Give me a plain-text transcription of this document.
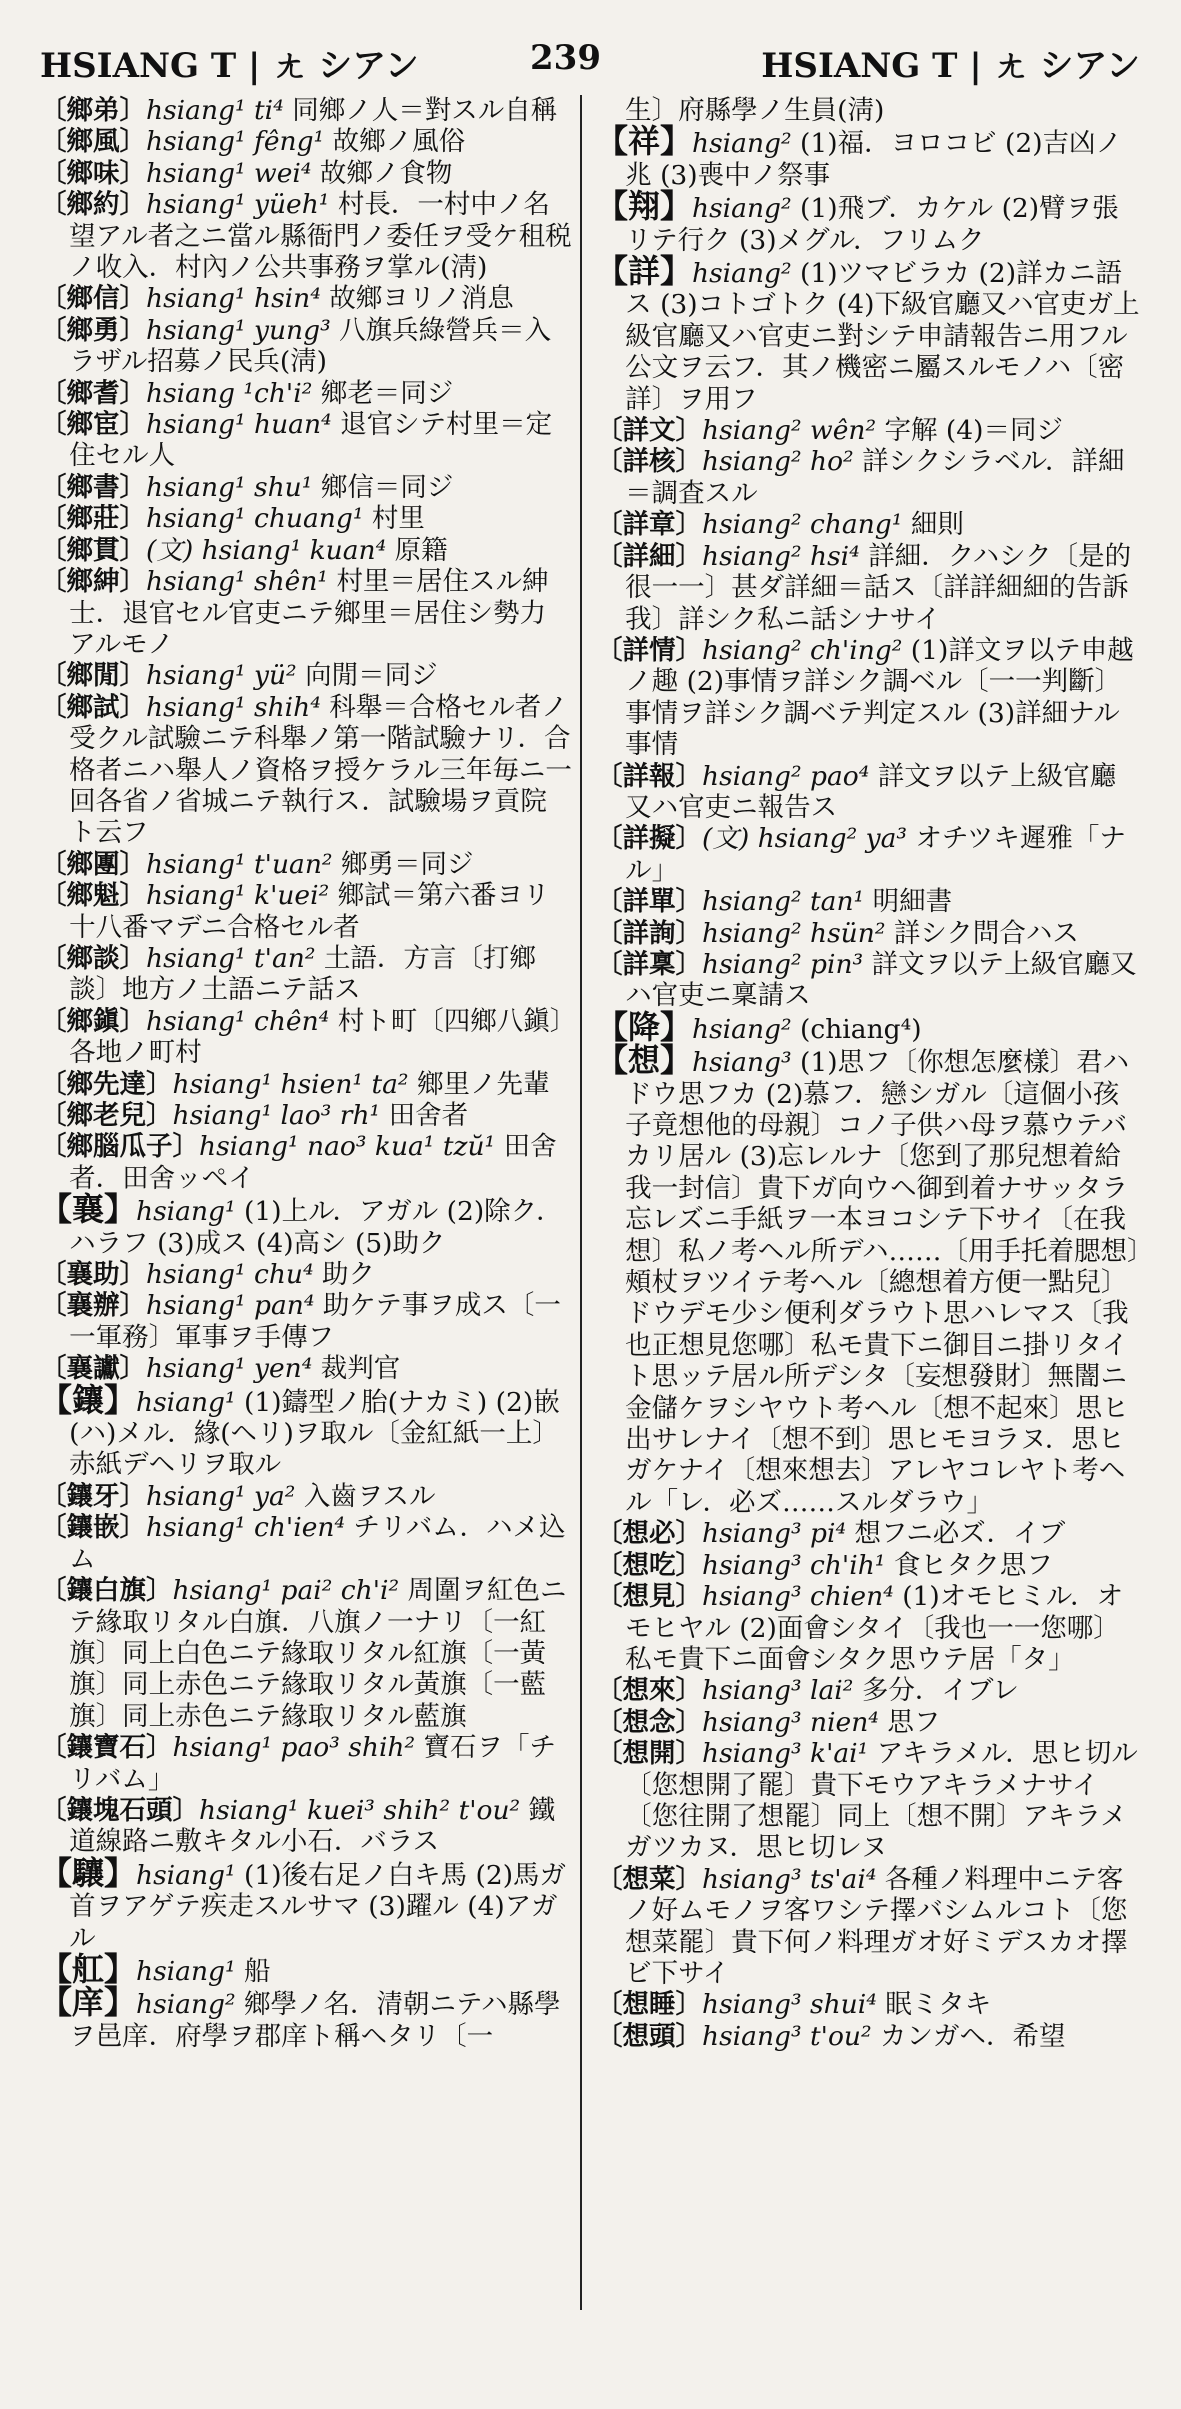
HSIANG T | ㄤ シアン	239	HSIANG T | ㄤ シアン

〔鄉弟〕hsiang¹ ti⁴ 同鄉ノ人＝對スル自稱

〔鄉風〕hsiang¹ fêng¹ 故鄉ノ風俗

〔鄉味〕hsiang¹ wei⁴ 故鄉ノ食物

〔鄉約〕hsiang¹ yüeh¹ 村長．一村中ノ名望アル者之ニ當ル縣衙門ノ委任ヲ受ケ租税ノ收入．村內ノ公共事務ヲ掌ル(淸)

〔鄉信〕hsiang¹ hsin⁴ 故鄉ヨリノ消息

〔鄉勇〕hsiang¹ yung³ 八旗兵綠營兵＝入ラザル招募ノ民兵(淸)

〔鄉耆〕hsiang ¹ch'i² 鄉老＝同ジ

〔鄉宦〕hsiang¹ huan⁴ 退官シテ村里＝定住セル人

〔鄉書〕hsiang¹ shu¹ 鄉信＝同ジ

〔鄉莊〕hsiang¹ chuang¹ 村里

〔鄉貫〕(文) hsiang¹ kuan⁴ 原籍

〔鄉紳〕hsiang¹ shên¹ 村里＝居住スル紳士．退官セル官吏ニテ鄉里＝居住シ勢力アルモノ

〔鄉閒〕hsiang¹ yü² 向閒＝同ジ

〔鄉試〕hsiang¹ shih⁴ 科舉＝合格セル者ノ受クル試驗ニテ科舉ノ第一階試驗ナリ．合格者ニハ舉人ノ資格ヲ授ケラル三年毎ニ一回各省ノ省城ニテ執行ス．試驗場ヲ貢院ト云フ

〔鄉團〕hsiang¹ t'uan² 鄉勇＝同ジ

〔鄉魁〕hsiang¹ k'uei² 鄉試＝第六番ヨリ十八番マデニ合格セル者

〔鄉談〕hsiang¹ t'an² 土語．方言〔打鄉談〕地方ノ土語ニテ話ス

〔鄉鎭〕hsiang¹ chên⁴ 村ト町〔四鄉八鎭〕各地ノ町村

〔鄉先達〕hsiang¹ hsien¹ ta² 鄉里ノ先輩

〔鄉老兒〕hsiang¹ lao³ rh¹ 田舍者

〔鄉腦瓜子〕hsiang¹ nao³ kua¹ tzŭ¹ 田舍者．田舍ッペイ

【襄】hsiang¹ (1)上ル．アガル (2)除ク．ハラフ (3)成ス (4)高シ (5)助ク

〔襄助〕hsiang¹ chu⁴ 助ク

〔襄辦〕hsiang¹ pan⁴ 助ケテ事ヲ成ス〔一一軍務〕軍事ヲ手傳フ

〔襄讞〕hsiang¹ yen⁴ 裁判官

【鑲】hsiang¹ (1)鑄型ノ胎(ナカミ) (2)嵌(ハ)メル．緣(ヘリ)ヲ取ル〔金紅紙一上〕赤紙デヘリヲ取ル

〔鑲牙〕hsiang¹ ya² 入齒ヲスル

〔鑲嵌〕hsiang¹ ch'ien⁴ チリバム．ハメ込ム

〔鑲白旗〕hsiang¹ pai² ch'i² 周圍ヲ紅色ニテ緣取リタル白旗．八旗ノ一ナリ〔一紅旗〕同上白色ニテ緣取リタル紅旗〔一黃旗〕同上赤色ニテ緣取リタル黃旗〔一藍旗〕同上赤色ニテ緣取リタル藍旗

〔鑲寶石〕hsiang¹ pao³ shih² 寶石ヲ「チリバム」

〔鑲塊石頭〕hsiang¹ kuei³ shih² t'ou² 鐵道線路ニ敷キタル小石．バラス

【驤】hsiang¹ (1)後右足ノ白キ馬 (2)馬ガ首ヲアゲテ疾走スルサマ (3)躍ル (4)アガル

【舡】hsiang¹ 船

【庠】hsiang² 鄉學ノ名．清朝ニテハ縣學ヲ邑庠．府學ヲ郡庠ト稱ヘタリ〔一

生〕府縣學ノ生員(淸)

【祥】hsiang² (1)福．ヨロコビ (2)吉凶ノ兆 (3)喪中ノ祭事

【翔】hsiang² (1)飛ブ．カケル (2)臂ヲ張リテ行ク (3)メグル．フリムク

【詳】hsiang² (1)ツマビラカ (2)詳カニ語ス (3)コトゴトク (4)下級官廳又ハ官吏ガ上級官廳又ハ官吏ニ對シテ申請報告ニ用フル公文ヲ云フ．其ノ機密ニ屬スルモノハ〔密詳〕ヲ用フ

〔詳文〕hsiang² wên² 字解 (4)＝同ジ

〔詳核〕hsiang² ho² 詳シクシラベル．詳細＝調査スル

〔詳章〕hsiang² chang¹ 細則

〔詳細〕hsiang² hsi⁴ 詳細．クハシク〔是的很一一〕甚ダ詳細＝話ス〔詳詳細細的告訴我〕詳シク私ニ話シナサイ

〔詳情〕hsiang² ch'ing² (1)詳文ヲ以テ申越ノ趣 (2)事情ヲ詳シク調ベル〔一一判斷〕事情ヲ詳シク調ベテ判定スル (3)詳細ナル事情

〔詳報〕hsiang² pao⁴ 詳文ヲ以テ上級官廳又ハ官吏ニ報告ス

〔詳擬〕(文) hsiang² ya³ オチツキ遲雅「ナル」

〔詳單〕hsiang² tan¹ 明細書

〔詳詢〕hsiang² hsün² 詳シク問合ハス

〔詳稟〕hsiang² pin³ 詳文ヲ以テ上級官廳又ハ官吏ニ稟請ス

【降】hsiang² (chiang⁴)

【想】hsiang³ (1)思フ〔你想怎麼樣〕君ハドウ思フカ (2)慕フ．戀シガル〔這個小孩子竟想他的母親〕コノ子供ハ母ヲ慕ウテバカリ居ル (3)忘レルナ〔您到了那兒想着給我一封信〕貴下ガ向ウヘ御到着ナサッタラ忘レズニ手紙ヲ一本ヨコシテ下サイ〔在我想〕私ノ考ヘル所デハ……〔用手托着腮想〕頰杖ヲツイテ考ヘル〔總想着方便一點兒〕ドウデモ少シ便利ダラウト思ハレマス〔我也正想見您哪〕私モ貴下ニ御目ニ掛リタイト思ッテ居ル所デシタ〔妄想發財〕無闇ニ金儲ケヲシヤウト考ヘル〔想不起來〕思ヒ出サレナイ〔想不到〕思ヒモヨラヌ．思ヒガケナイ〔想來想去〕アレヤコレヤト考ヘル「レ．必ズ……スルダラウ」

〔想必〕hsiang³ pi⁴ 想フニ必ズ．イブ

〔想吃〕hsiang³ ch'ih¹ 食ヒタク思フ

〔想見〕hsiang³ chien⁴ (1)オモヒミル．オモヒヤル (2)面會シタイ〔我也一一您哪〕私モ貴下ニ面會シタク思ウテ居「タ」

〔想來〕hsiang³ lai² 多分．イブレ

〔想念〕hsiang³ nien⁴ 思フ

〔想開〕hsiang³ k'ai¹ アキラメル．思ヒ切ル〔您想開了罷〕貴下モウアキラメナサイ〔您往開了想罷〕同上〔想不開〕アキラメガツカヌ．思ヒ切レヌ

〔想菜〕hsiang³ ts'ai⁴ 各種ノ料理中ニテ客ノ好ムモノヲ客ワシテ擇バシムルコト〔您想菜罷〕貴下何ノ料理ガオ好ミデスカオ擇ビ下サイ

〔想睡〕hsiang³ shui⁴ 眠ミタキ

〔想頭〕hsiang³ t'ou² カンガヘ．希望
